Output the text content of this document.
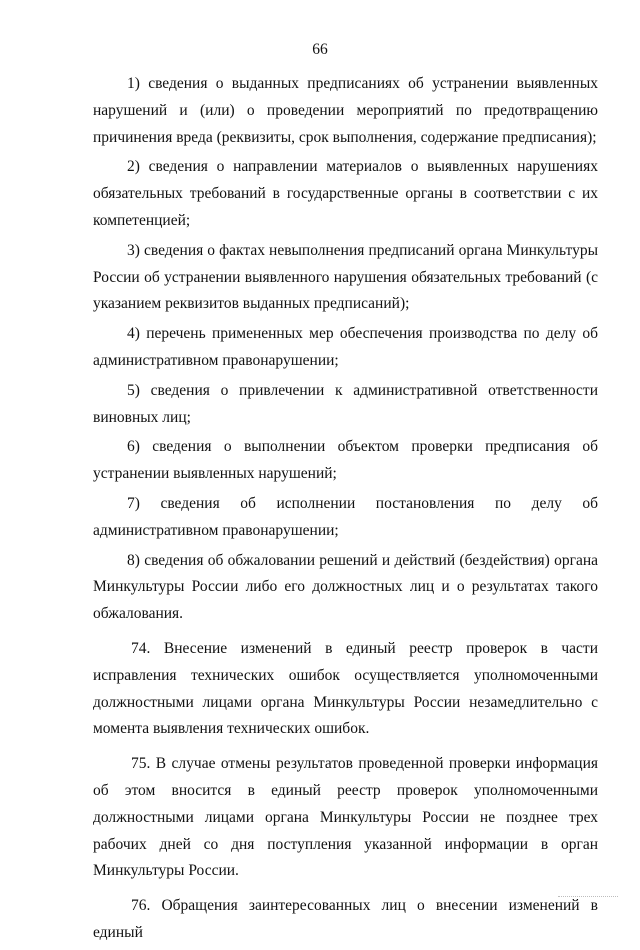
66

1) сведения о выданных предписаниях об устранении выявленных нарушений и (или) о проведении мероприятий по предотвращению причинения вреда (реквизиты, срок выполнения, содержание предписания);

2) сведения о направлении материалов о выявленных нарушениях обязательных требований в государственные органы в соответствии с их компетенцией;

3) сведения о фактах невыполнения предписаний органа Минкультуры России об устранении выявленного нарушения обязательных требований (с указанием реквизитов выданных предписаний);

4) перечень примененных мер обеспечения производства по делу об административном правонарушении;

5) сведения о привлечении к административной ответственности виновных лиц;

6) сведения о выполнении объектом проверки предписания об устранении выявленных нарушений;

7) сведения об исполнении постановления по делу об административном правонарушении;

8) сведения об обжаловании решений и действий (бездействия) органа Минкультуры России либо его должностных лиц и о результатах такого обжалования.

74. Внесение изменений в единый реестр проверок в части исправления технических ошибок осуществляется уполномоченными должностными лицами органа Минкультуры России незамедлительно с момента выявления технических ошибок.

75. В случае отмены результатов проведенной проверки информация об этом вносится в единый реестр проверок уполномоченными должностными лицами органа Минкультуры России не позднее трех рабочих дней со дня поступления указанной информации в орган Минкультуры России.

76. Обращения заинтересованных лиц о внесении изменений в единый
